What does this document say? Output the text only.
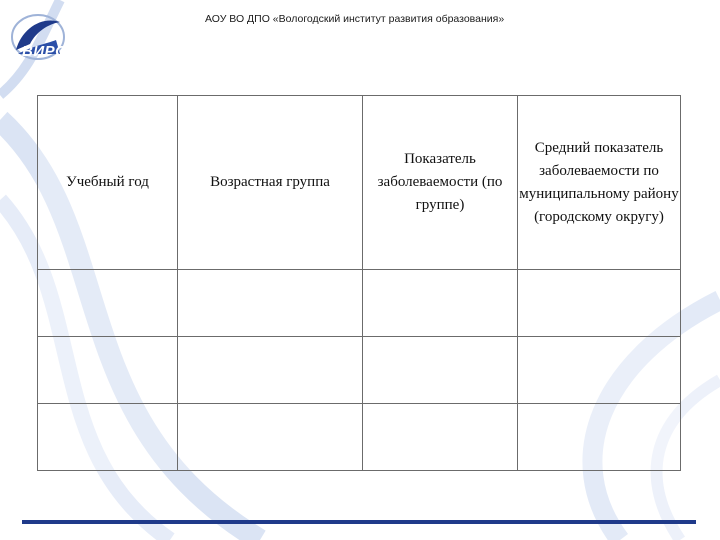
ВИРО
АОУ ВО ДПО «Вологодский институт развития образования»
Учебный год	Возрастная группа	Показатель заболеваемости (по группе)	Средний показатель заболеваемости по муниципальному району (городскому округу)
